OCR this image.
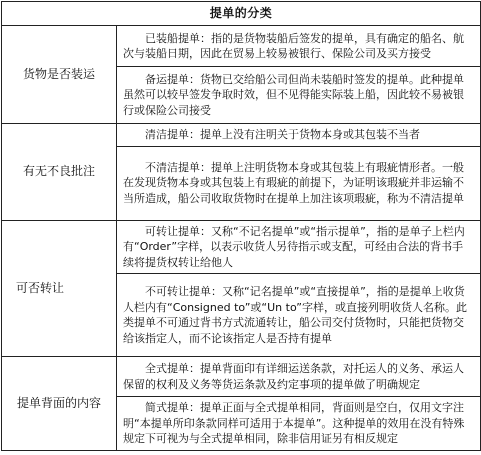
提单的分类	
货物是否装运	已装船提单：指的是货物装船后签发的提单，具有确定的船名、航次与装船日期，因此在贸易上较易被银行、保险公司及买方接受
	备运提单：货物已交给船公司但尚未装船时签发的提单。此种提单虽然可以较早签发争取时效，但不见得能实际装上船，因此较不易被银行或保险公司接受
有无不良批注	清洁提单：提单上没有注明关于货物本身或其包装不当者
	不清洁提单：提单上注明货物本身或其包装上有瑕疵情形者。一般在发现货物本身或其包装上有瑕疵的前提下，为证明该瑕疵并非运输不当所造成，船公司收取货物时在提单上加注该项瑕疵，称为不清洁提单
可否转让	可转让提单：又称“不记名提单”或“指示提单”，指的是单子上栏内有“Order”字样，以表示收货人另待指示或支配，可经由合法的背书手续将提货权转让给他人
	不可转让提单：又称“记名提单”或“直接提单”，指的是提单上收货人栏内有“Consigned to”或“Un to”字样，或直接列明收货人名称。此类提单不可通过背书方式流通转让，船公司交付货物时，只能把货物交给该指定人，而不论该指定人是否持有提单
提单背面的内容	全式提单：提单背面印有详细运送条款，对托运人的义务、承运人保留的权利及义务等货运条款及约定事项的提单做了明确规定
	简式提单：提单正面与全式提单相同，背面则是空白，仅用文字注明“本提单所印条款同样可适用于本提单”。这种提单的效用在没有特殊规定下可视为与全式提单相同，除非信用证另有相反规定
